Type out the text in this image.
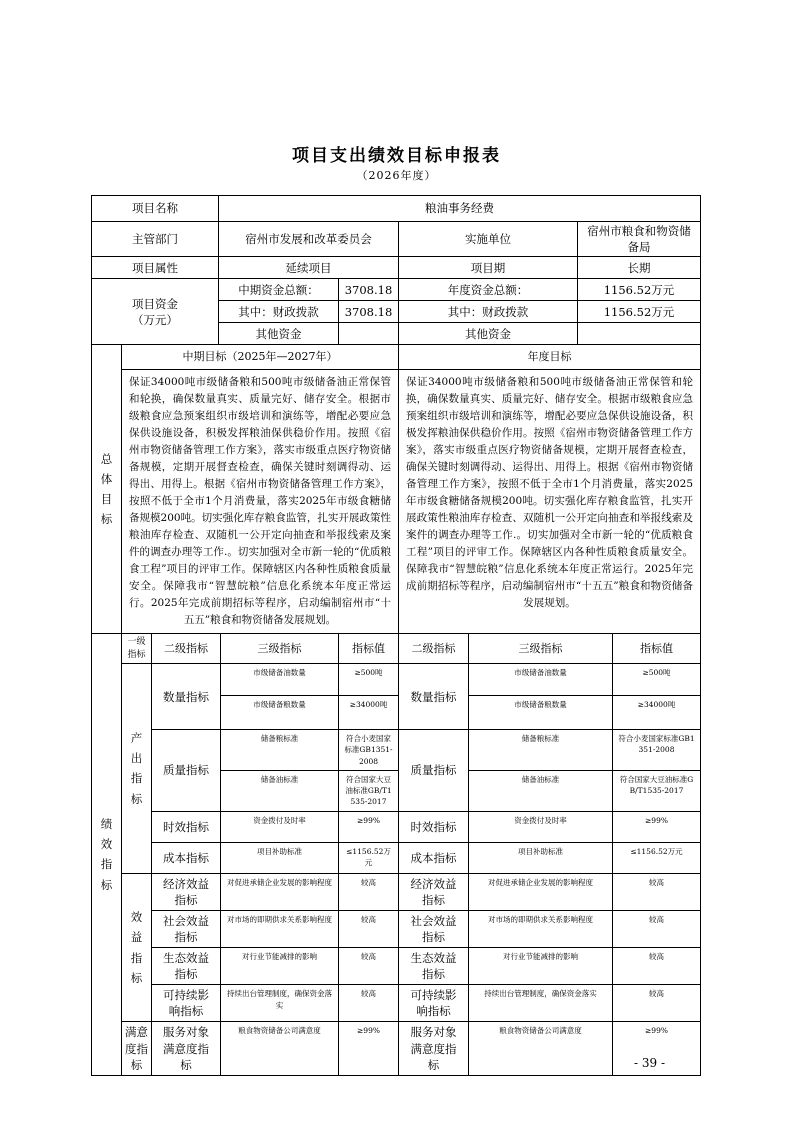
项目支出绩效目标申报表
（2026年度）
项目名称	粮油事务经费			
主管部门	宿州市发展和改革委员会		实施单位	宿州市粮食和物资储备局
项目属性	延续项目		项目期	长期

项目资金（万元）	中期资金总额：	3708.18	年度资金总额：	1156.52万元
	其中：财政拨款	3708.18	其中：财政拨款	1156.52万元
	其他资金		其他资金	
总体目标	中期目标（2025年—2027年）	年度目标
保证34000吨市级储备粮和500吨市级储备油正常保管和轮换，确保数量真实、质量完好、储存安全。根据市级粮食应急预案组织市级培训和演练等，增配必要应急保供设施设备，积极发挥粮油保供稳价作用。按照《宿州市物资储备管理工作方案》，落实市级重点医疗物资储备规模，定期开展督查检查，确保关键时刻调得动、运得出、用得上。根据《宿州市物资储备管理工作方案》，按照不低于全市1个月消费量，落实2025年市级食糖储备规模200吨。切实强化库存粮食监管，扎实开展政策性粮油库存检查、双随机一公开定向抽查和举报线索及案件的调查办理等工作.。切实加强对全市新一轮的“优质粮食工程”项目的评审工作。保障辖区内各种性质粮食质量安全。保障我市“智慧皖粮”信息化系统本年度正常运行。2025年完成前期招标等程序，启动编制宿州市“十五五”粮食和物资储备发展规划。	保证34000吨市级储备粮和500吨市级储备油正常保管和轮换，确保数量真实、质量完好、储存安全。根据市级粮食应急预案组织市级培训和演练等，增配必要应急保供设施设备，积极发挥粮油保供稳价作用。按照《宿州市物资储备管理工作方案》，落实市级重点医疗物资储备规模，定期开展督查检查，确保关键时刻调得动、运得出、用得上。根据《宿州市物资储备管理工作方案》，按照不低于全市1个月消费量，落实2025年市级食糖储备规模200吨。切实强化库存粮食监管，扎实开展政策性粮油库存检查、双随机一公开定向抽查和举报线索及案件的调查办理等工作.。切实加强对全市新一轮的“优质粮食工程”项目的评审工作。保障辖区内各种性质粮食质量安全。保障我市“智慧皖粮”信息化系统本年度正常运行。2025年完成前期招标等程序，启动编制宿州市“十五五”粮食和物资储备发展规划。
绩效指标	一级指标	二级指标	三级指标	指标值	二级指标	三级指标	指标值

	产出指标	数量指标	市级储备油数量	≥500吨	数量指标	市级储备油数量	≥500吨
			市级储备粮数量	≥34000吨		市级储备粮数量	≥34000吨
		质量指标	储备粮标准	符合小麦国家标准GB1351-2008	质量指标	储备粮标准	符合小麦国家标准GB1351-2008
			储备油标准	符合国家大豆油标准GB/T1535-2017		储备油标准	符合国家大豆油标准GB/T1535-2017
		时效指标	资金拨付及时率	≥99%	时效指标	资金拨付及时率	≥99%
		成本指标	项目补助标准	≤1156.52万元	成本指标	项目补助标准	≤1156.52万元

	效益指标	经济效益指标	对促进承储企业发展的影响程度	较高	经济效益指标	对促进承储企业发展的影响程度	较高
		社会效益指标	对市场的即期供求关系影响程度	较高	社会效益指标	对市场的即期供求关系影响程度	较高
		生态效益指标	对行业节能减排的影响	较高	生态效益指标	对行业节能减排的影响	较高
		可持续影响指标	持续出台管理制度，确保资金落实	较高	可持续影响指标	持续出台管理制度，确保资金落实	较高
	满意度指标	服务对象满意度指标	粮食物资储备公司满意度	≥99%	服务对象满意度指标	粮食物资储备公司满意度	≥99%
- 39 -
